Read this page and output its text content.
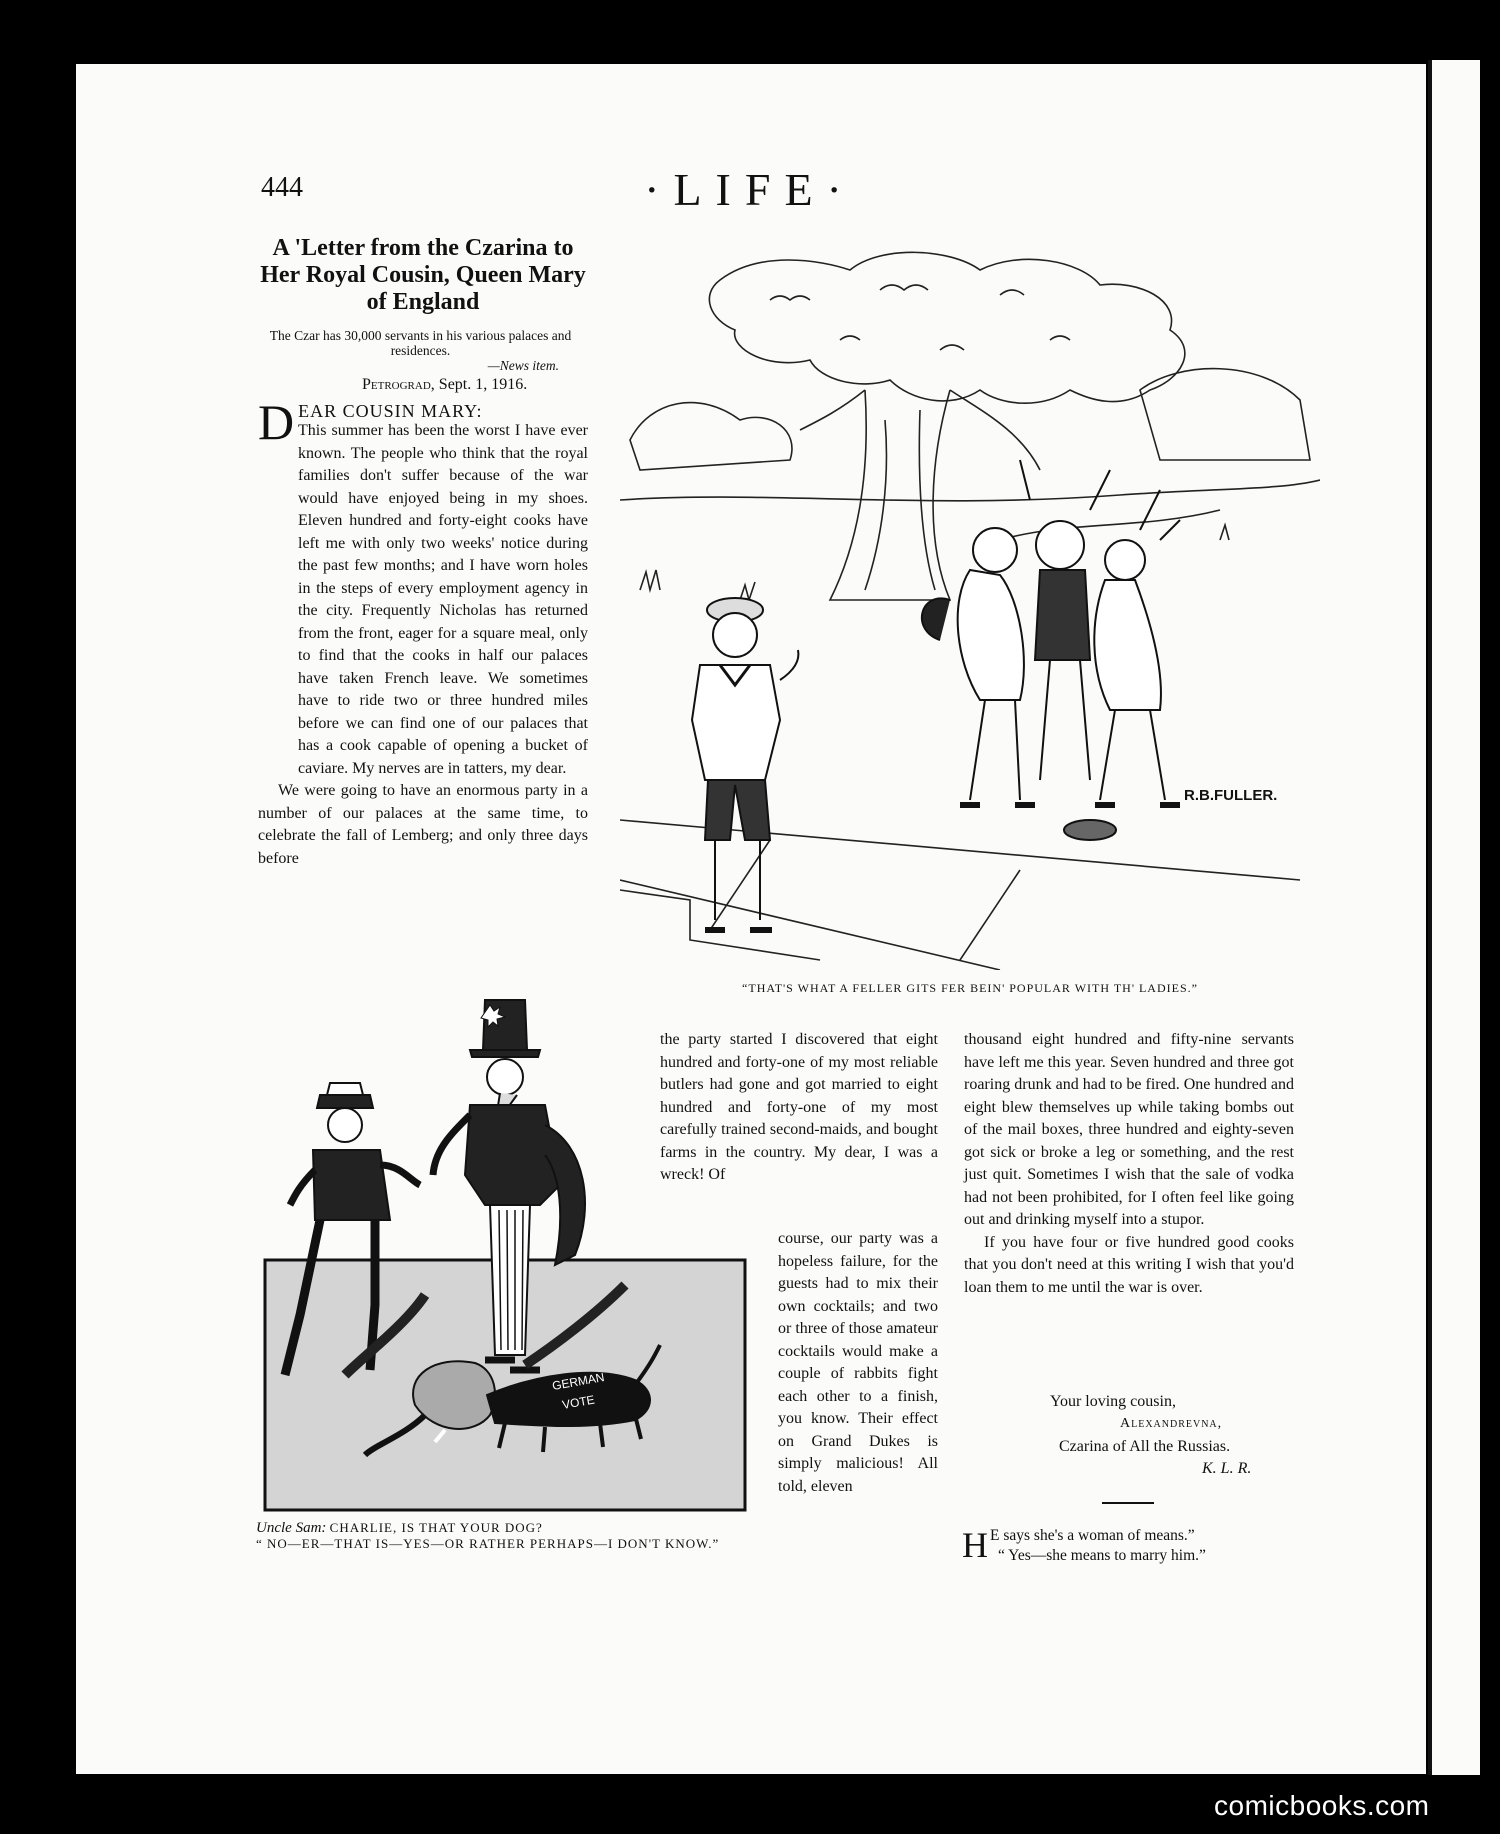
444	·LIFE·
A 'Letter from the Czarina to Her Royal Cousin, Queen Mary of England
The Czar has 30,000 servants in his various palaces and residences.
—News item.
Petrograd, Sept. 1, 1916.
D EAR COUSIN MARY:

This summer has been the worst I have ever known. The people who think that the royal families don't suffer because of the war would have enjoyed being in my shoes. Eleven hundred and forty-eight cooks have left me with only two weeks' notice during the past few months; and I have worn holes in the steps of every employment agency in the city. Frequently Nicholas has returned from the front, eager for a square meal, only to find that the cooks in half our palaces have taken French leave. We sometimes have to ride two or three hundred miles before we can find one of our palaces that has a cook capable of opening a bucket of caviare. My nerves are in tatters, my dear.

We were going to have an enormous party in a number of our palaces at the same time, to celebrate the fall of Lemberg; and only three days before

R.B.FULLER.
“THAT'S WHAT A FELLER GITS FER BEIN' POPULAR WITH TH' LADIES.”
GERMAN
VOTE
Uncle Sam: CHARLIE, IS THAT YOUR DOG?
“ NO—ER—THAT IS—YES—OR RATHER PERHAPS—I DON'T KNOW.”

the party started I discovered that eight hundred and forty-one of my most reliable butlers had gone and got married to eight hundred and forty-one of my most carefully trained second-maids, and bought farms in the country. My dear, I was a wreck! Of

course, our party was a hopeless failure, for the guests had to mix their own cocktails; and two or three of those amateur cocktails would make a couple of rabbits fight each other to a finish, you know. Their effect on Grand Dukes is simply malicious! All told, eleven

thousand eight hundred and fifty-nine servants have left me this year. Seven hundred and three got roaring drunk and had to be fired. One hundred and eight blew themselves up while taking bombs out of the mail boxes, three hundred and eighty-seven got sick or broke a leg or something, and the rest just quit. Sometimes I wish that the sale of vodka had not been prohibited, for I often feel like going out and drinking myself into a stupor.

If you have four or five hundred good cooks that you don't need at this writing I wish that you'd loan them to me until the war is over.

Your loving cousin,
Alexandrevna,
Czarina of All the Russias.
K. L. R.
H E says she's a woman of means.”
“ Yes—she means to marry him.”
comicbooks.com
